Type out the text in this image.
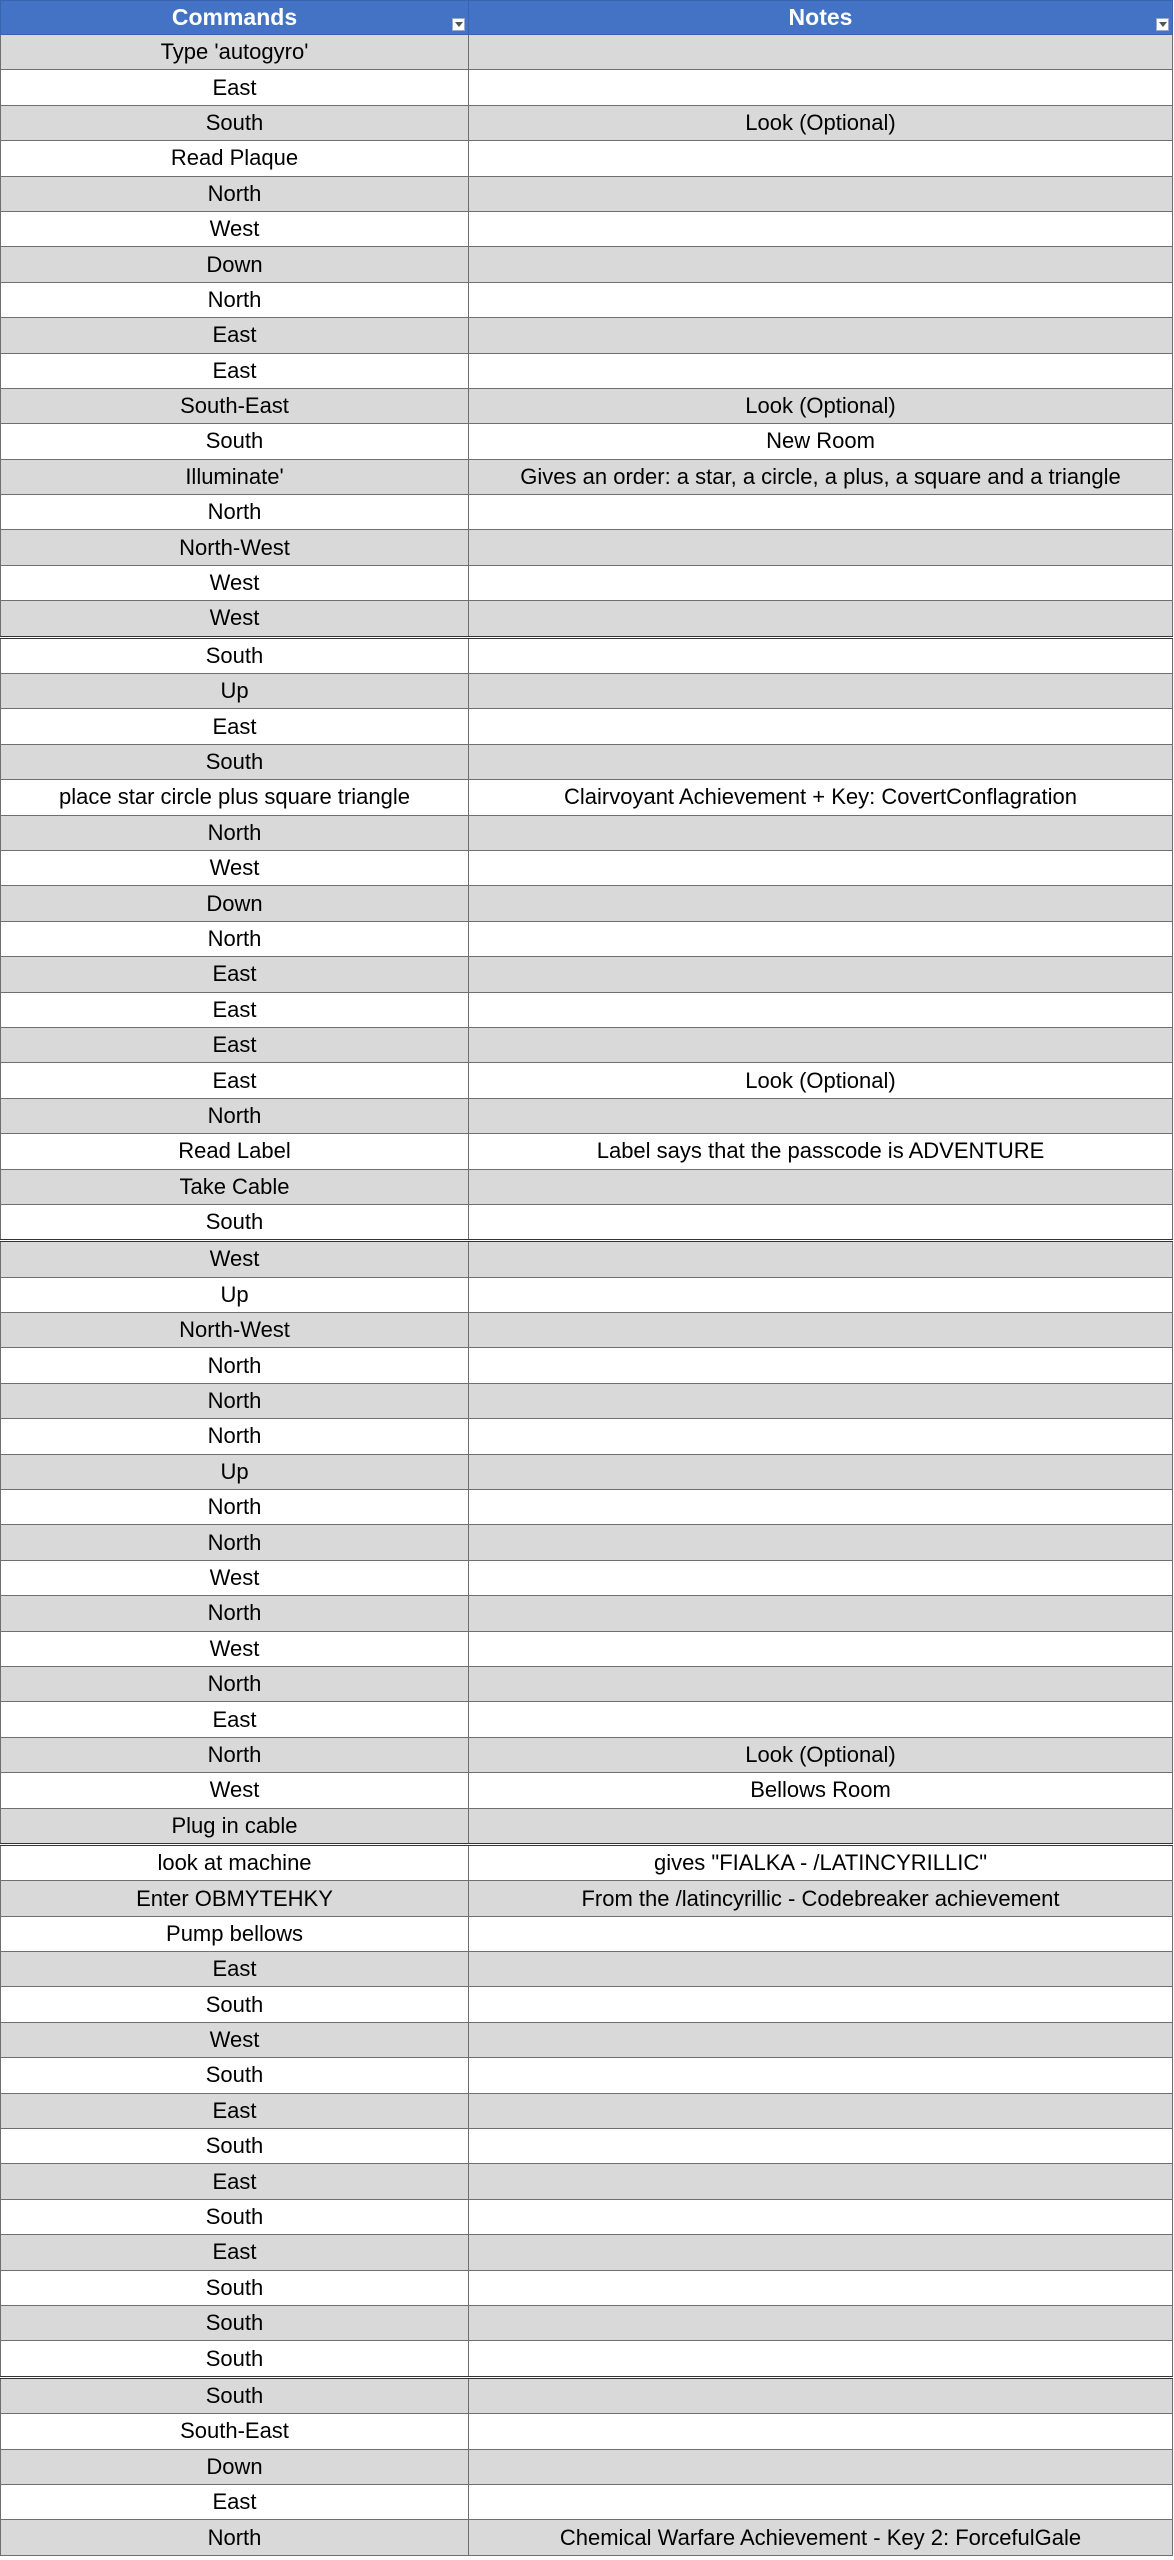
Commands	Notes

Type 'autogyro'	
East	
South	Look (Optional)
Read Plaque	
North	
West	
Down	
North	
East	
East	
South-East	Look (Optional)
South	New Room
Illuminate'	Gives an order: a star, a circle, a plus, a square and a triangle
North	
North-West	
West	
West	
South	
Up	
East	
South	
place star circle plus square triangle	Clairvoyant Achievement + Key: CovertConflagration
North	
West	
Down	
North	
East	
East	
East	
East	Look (Optional)
North	
Read Label	Label says that the passcode is ADVENTURE
Take Cable	
South	
West	
Up	
North-West	
North	
North	
North	
Up	
North	
North	
West	
North	
West	
North	
East	
North	Look (Optional)
West	Bellows Room
Plug in cable	
look at machine	gives "FIALKA - /LATINCYRILLIC"
Enter OBMYTEHKY	From the /latincyrillic - Codebreaker achievement
Pump bellows	
East	
South	
West	
South	
East	
South	
East	
South	
East	
South	
South	
South	
South	
South-East	
Down	
East	
North	Chemical Warfare Achievement - Key 2: ForcefulGale
